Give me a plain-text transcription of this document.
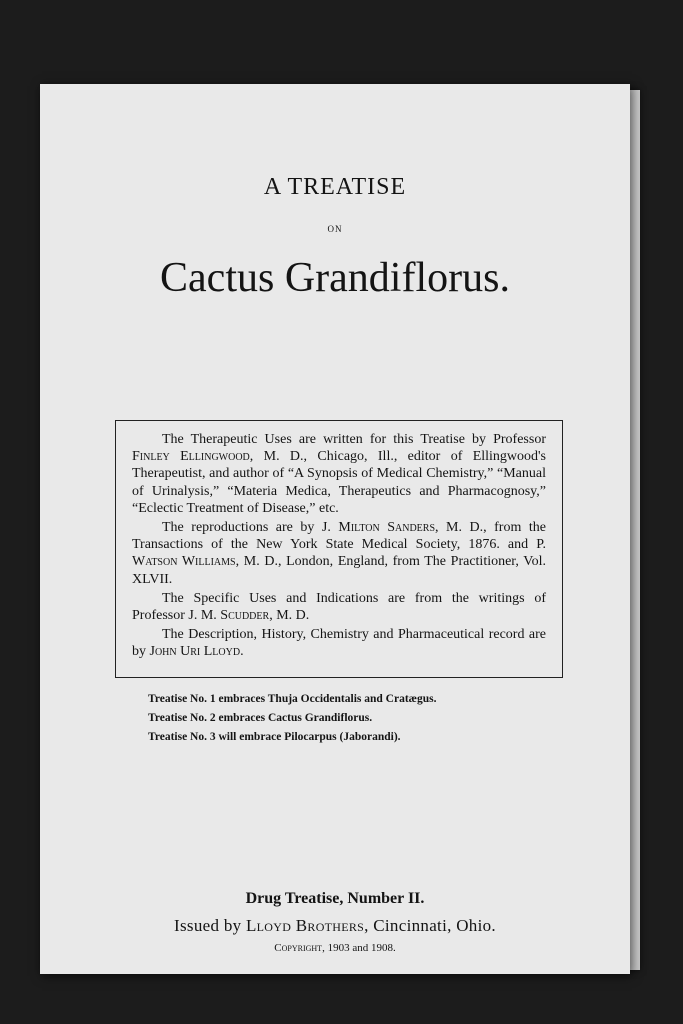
A TREATISE
ON
Cactus Grandiflorus.

The Therapeutic Uses are written for this Treatise by Professor Finley Ellingwood, M. D., Chicago, Ill., editor of Ellingwood's Therapeutist, and author of “A Synopsis of Medical Chemistry,” “Manual of Urinalysis,” “Materia Medica, Therapeutics and Pharmacognosy,” “Eclectic Treatment of Disease,” etc.

The reproductions are by J. Milton Sanders, M. D., from the Transactions of the New York State Medical Society, 1876. and P. Watson Williams, M. D., London, England, from The Practitioner, Vol. XLVII.

The Specific Uses and Indications are from the writings of Professor J. M. Scudder, M. D.

The Description, History, Chemistry and Pharmaceutical record are by John Uri Lloyd.

Treatise No. 1 embraces Thuja Occidentalis and Cratægus.
Treatise No. 2 embraces Cactus Grandiflorus.
Treatise No. 3 will embrace Pilocarpus (Jaborandi).
Drug Treatise, Number II.
Issued by Lloyd Brothers, Cincinnati, Ohio.
Copyright, 1903 and 1908.
